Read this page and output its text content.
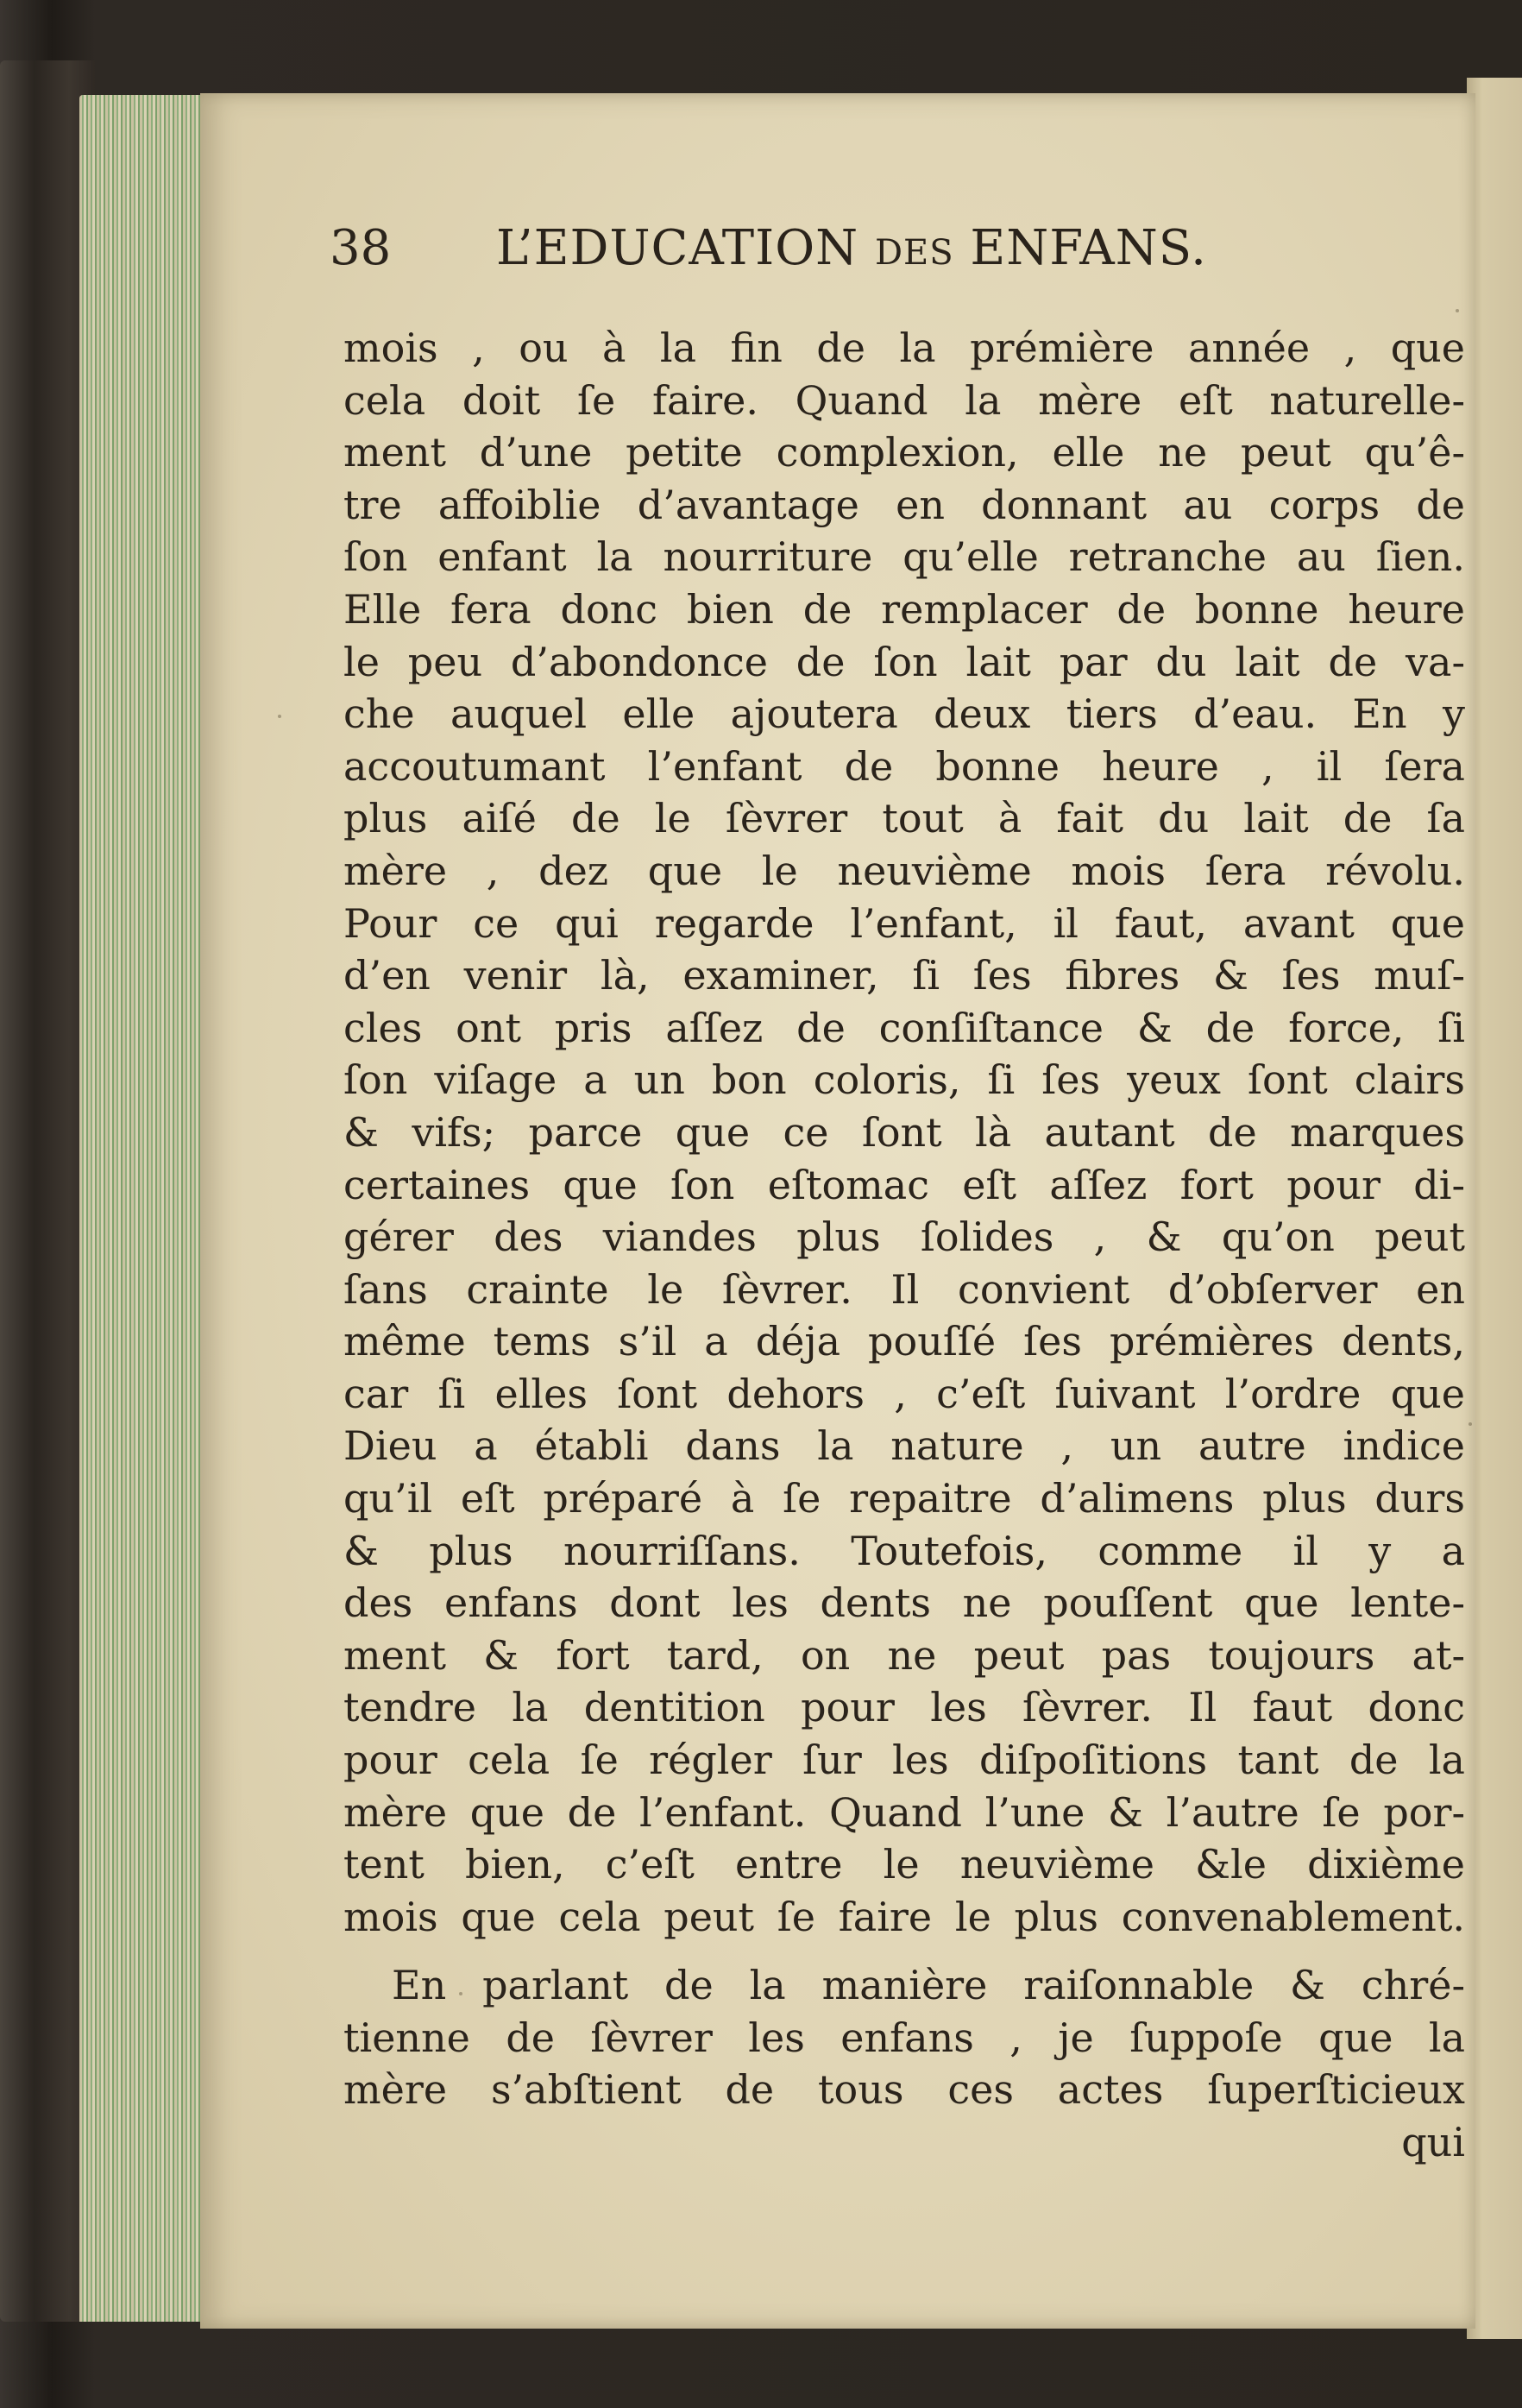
38 L’EDUCATION DES ENFANS.
mois , ou à la fin de la prémière année , que
cela doit ſe faire. Quand la mère eſt naturelle-
ment d’une petite complexion, elle ne peut qu’ê-
tre affoiblie d’avantage en donnant au corps de
ſon enfant la nourriture qu’elle retranche au ſien.
Elle fera donc bien de remplacer de bonne heure
le peu d’abondonce de ſon lait par du lait de va-
che auquel elle ajoutera deux tiers d’eau. En y
accoutumant l’enfant de bonne heure , il ſera
plus aiſé de le ſèvrer tout à fait du lait de ſa
mère , dez que le neuvième mois ſera révolu.
Pour ce qui regarde l’enfant, il faut, avant que
d’en venir là, examiner, ſi ſes fibres & ſes muſ-
cles ont pris aſſez de conſiſtance & de force, ſi
ſon viſage a un bon coloris, ſi ſes yeux ſont clairs
& vifs; parce que ce ſont là autant de marques
certaines que ſon eſtomac eſt aſſez fort pour di-
gérer des viandes plus ſolides , & qu’on peut
ſans crainte le ſèvrer. Il convient d’obſerver en
même tems s’il a déja pouſſé ſes prémières dents,
car ſi elles ſont dehors , c’eſt ſuivant l’ordre que
Dieu a établi dans la nature , un autre indice
qu’il eſt préparé à ſe repaitre d’alimens plus durs
& plus nourriſſans. Toutefois, comme il y a
des enfans dont les dents ne pouſſent que lente-
ment & fort tard, on ne peut pas toujours at-
tendre la dentition pour les ſèvrer. Il faut donc
pour cela ſe régler ſur les diſpoſitions tant de la
mère que de l’enfant. Quand l’une & l’autre ſe por-
tent bien, c’eſt entre le neuvième &le dixième
mois que cela peut ſe faire le plus convenablement.
En parlant de la manière raiſonnable & chré-
tienne de ſèvrer les enfans , je ſuppoſe que la
mère s’abſtient de tous ces actes ſuperſticieux
qui
